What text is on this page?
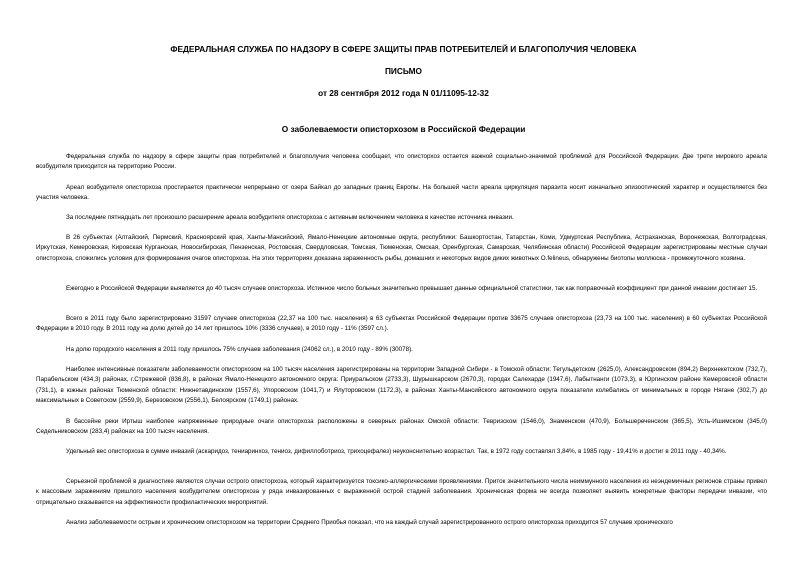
ФЕДЕРАЛЬНАЯ СЛУЖБА ПО НАДЗОРУ В СФЕРЕ ЗАЩИТЫ ПРАВ ПОТРЕБИТЕЛЕЙ И БЛАГОПОЛУЧИЯ ЧЕЛОВЕКА
ПИСЬМО
от 28 сентября 2012 года N 01/11095-12-32
О заболеваемости описторхозом в Российской Федерации

Федеральная служба по надзору в сфере защиты прав потребителей и благополучия человека сообщает, что описторхоз остается важной социально-значимой проблемой для Российской Федерации. Две трети мирового ареала возбудителя приходится на территорию России.

Ареал возбудителя описторхоза простирается практически непрерывно от озера Байкал до западных границ Европы. На большей части ареала циркуляция паразита носит изначально эпизоотический характер и осуществляется без участия человека.

За последние пятнадцать лет произошло расширение ареала возбудителя описторхоза с активным включением человека в качестве источника инвазии.

В 26 субъектах (Алтайский, Пермский, Красноярский края, Ханты-Мансийский, Ямало-Ненецкие автономные округа, республики: Башкортостан, Татарстан, Коми, Удмуртская Республика, Астраханская, Воронежская, Волгоградская, Иркутская, Кемеровская, Кировская Курганская, Новосибирская, Пензенская, Ростовская, Свердловская, Томская, Тюменская, Омская, Оренбургская, Самарская, Челябинская области) Российской Федерации зарегистрированы местные случаи описторхоза, сложились условия для формирования очагов описторхоза. На этих территориях доказана зараженность рыбы, домашних и некоторых видов диких животных O.felineus, обнаружены биотопы моллюска - промежуточного хозяина.

Ежегодно в Российской Федерации выявляется до 40 тысяч случаев описторхоза. Истинное число больных значительно превышает данные официальной статистики, так как поправочный коэффициент при данной инвазии достигает 15.

Всего в 2011 году было зарегистрировано 31597 случаев описторхоза (22,37 на 100 тыс. населения) в 63 субъектах Российской Федерации против 33675 случаев описторхоза (23,73 на 100 тыс. населения) в 60 субъектах Российской Федерации в 2010 году. В 2011 году на долю детей до 14 лет пришлось 10% (3336 случаев), в 2010 году - 11% (3597 сл.).

На долю городского населения в 2011 году пришлось 75% случаев заболевания (24062 сл.), в 2010 году - 89% (30078).

Наиболее интенсивные показатели заболеваемости описторхозом на 100 тысяч населения зарегистрированы на территории Западной Сибири - в Томской области: Тегульдетском (2625,0), Александровском (894,2) Верхнекетском (732,7), Парабельском (434,3) районах, г.Стрежевой (836,8), в районах Ямало-Ненецкого автономного округа: Приуральском (2733,3), Шурышкарском (2670,3), городах Салехарде (1947,6), Лабытнанги (1073,3), в Юргинском районе Кемеровской области (731,1), в южных районах Тюменской области: Нижнетавдинском (1557,6), Упоровском (1041,7) и Ялуторовском (1172,3), в районах Ханты-Мансийского автономного округа показатели колебались от минимальных в городе Нягане (302,7) до максимальных в Советском (2559,9), Березовском (2556,1), Белоярском (1749,1) районах.

В бассейне реки Иртыш наиболее напряженные природные очаги описторхоза расположены в северных районах Омской области: Тевризском (1546,0), Знаменском (470,9), Большереченском (365,5), Усть-Ишимском (345,0) Седельниковском (283,4) районах на 100 тысяч населения.

Удельный вес описторхоза в сумме инвазий (аскаридоз, тениаринхоз, тениоз, дифиллоботриоз, трихоцефалез) неуконснительно возрастал. Так, в 1972 году составлял 3,84%, в 1985 году - 19,41% и достиг в 2011 году - 40,34%.

Серьезной проблемой в диагностике являются случаи острого описторхоза, который характеризуется токсико-аллергическими проявлениями. Приток значительного числа неиммунного населения из неэндемичных регионов страны привел к массовым заражениям пришлого населения возбудителем описторхоза у ряда инвазированных с выраженной острой стадией заболевания. Хроническая форма не всегда позволяет выявить конкретные факторы передачи инвазии, что отрицательно сказывается на эффективности профилактических мероприятий.

Анализ заболеваемости острым и хроническим описторхозом на территории Среднего Приобья показал, что на каждый случай зарегистрированного острого описторхоза приходится 57 случаев хронического
